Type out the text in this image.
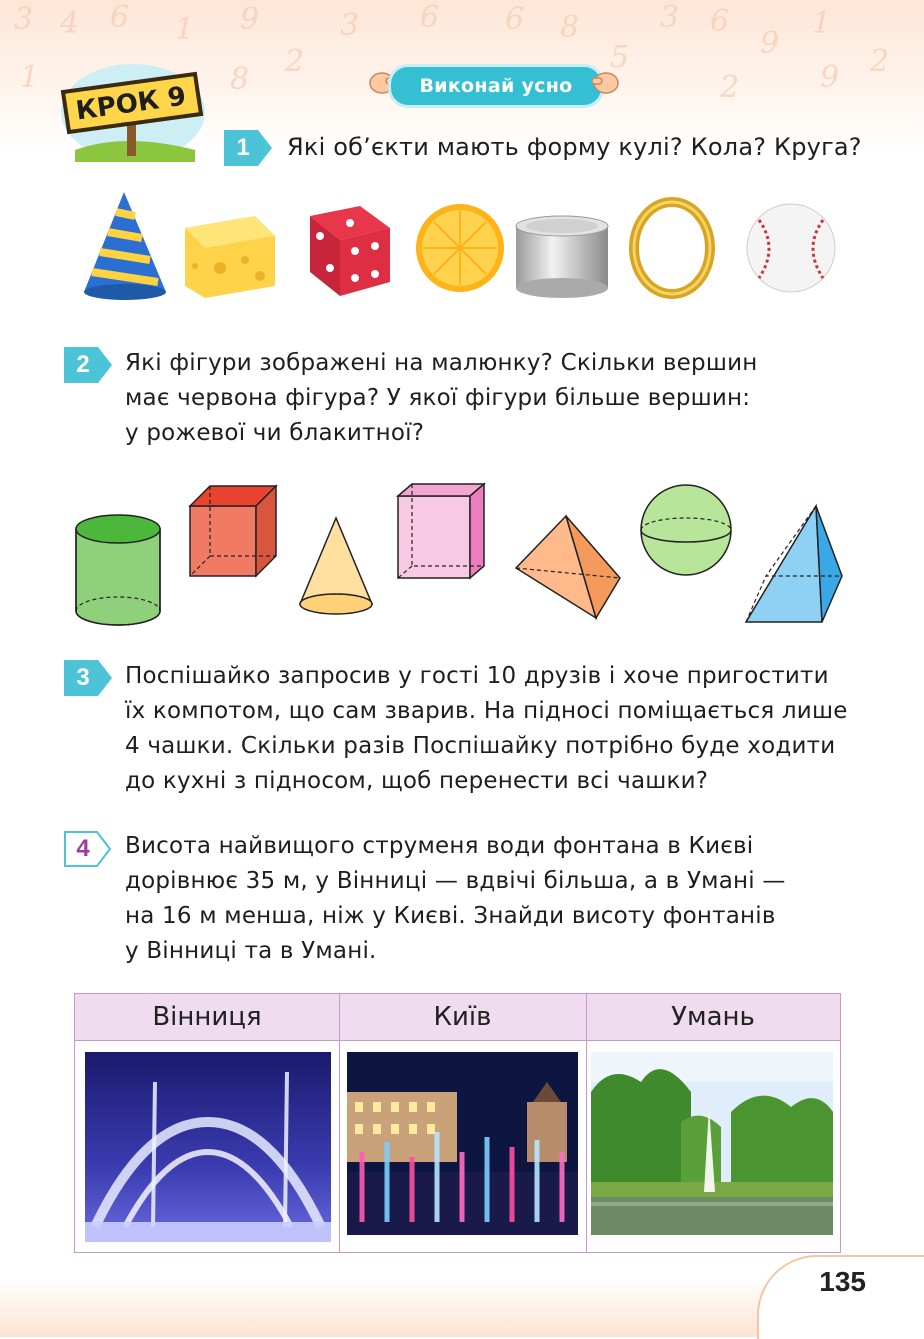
3 4 6 1 9
2
3 6 6 8
5
3 6
9
1
2
1	8	2	9
КРОК 9	Виконай усно
1	Які об’єкти мають форму кулі? Кола? Круга?
2	Які фігури зображені на малюнку? Скільки вершин
має червона фігура? У якої фігури більше вершин:
у рожевої чи блакитної?
3	Поспішайко запросив у гості 10 друзів і хоче пригостити
їх компотом, що сам зварив. На підносі поміщається лише
4 чашки. Скільки разів Поспішайку потрібно буде ходити
до кухні з підносом, щоб перенести всі чашки?
4	Висота найвищого струменя води фонтана в Києві
дорівнює 35 м, у Вінниці — вдвічі більша, а в Умані —
на 16 м менша, ніж у Києві. Знайди висоту фонтанів
у Вінниці та в Умані.
Вінниця	Київ	Умань
135
